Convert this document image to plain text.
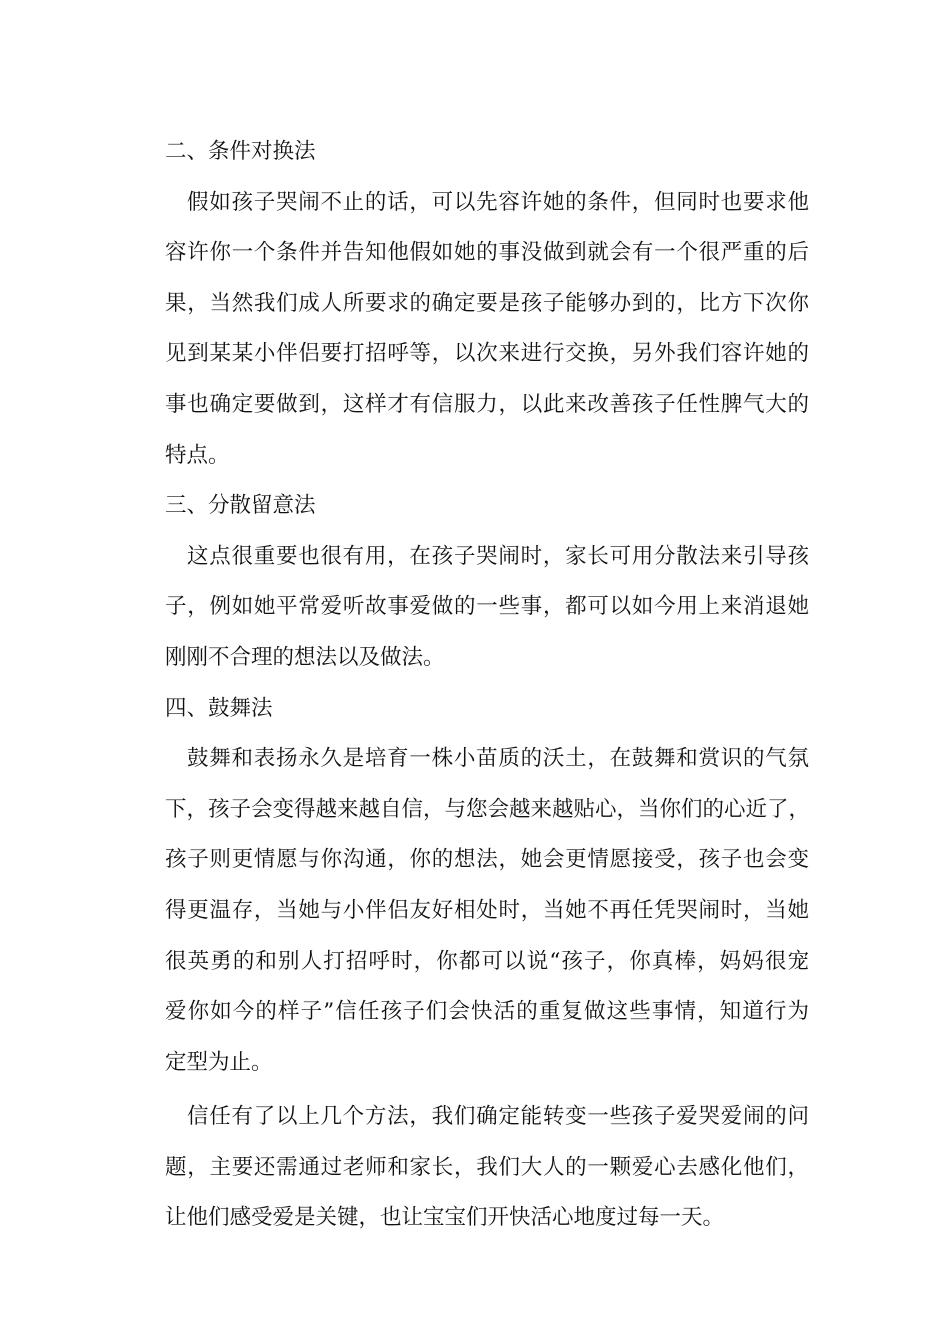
二、条件对换法

假如孩子哭闹不止的话，可以先容许她的条件，但同时也要求他
容许你一个条件并告知他假如她的事没做到就会有一个很严重的后
果，当然我们成人所要求的确定要是孩子能够办到的，比方下次你
见到某某小伴侣要打招呼等，以次来进行交换，另外我们容许她的
事也确定要做到，这样才有信服力，以此来改善孩子任性脾气大的
特点。

三、分散留意法

这点很重要也很有用，在孩子哭闹时，家长可用分散法来引导孩
子，例如她平常爱听故事爱做的一些事，都可以如今用上来消退她
刚刚不合理的想法以及做法。

四、鼓舞法

鼓舞和表扬永久是培育一株小苗质的沃土，在鼓舞和赏识的气氛
下，孩子会变得越来越自信，与您会越来越贴心，当你们的心近了，
孩子则更情愿与你沟通，你的想法，她会更情愿接受，孩子也会变
得更温存，当她与小伴侣友好相处时，当她不再任凭哭闹时，当她
很英勇的和别人打招呼时，你都可以说“孩子，你真棒，妈妈很宠
爱你如今的样子”信任孩子们会快活的重复做这些事情，知道行为
定型为止。

信任有了以上几个方法，我们确定能转变一些孩子爱哭爱闹的问
题，主要还需通过老师和家长，我们大人的一颗爱心去感化他们，
让他们感受爱是关键，也让宝宝们开快活心地度过每一天。
